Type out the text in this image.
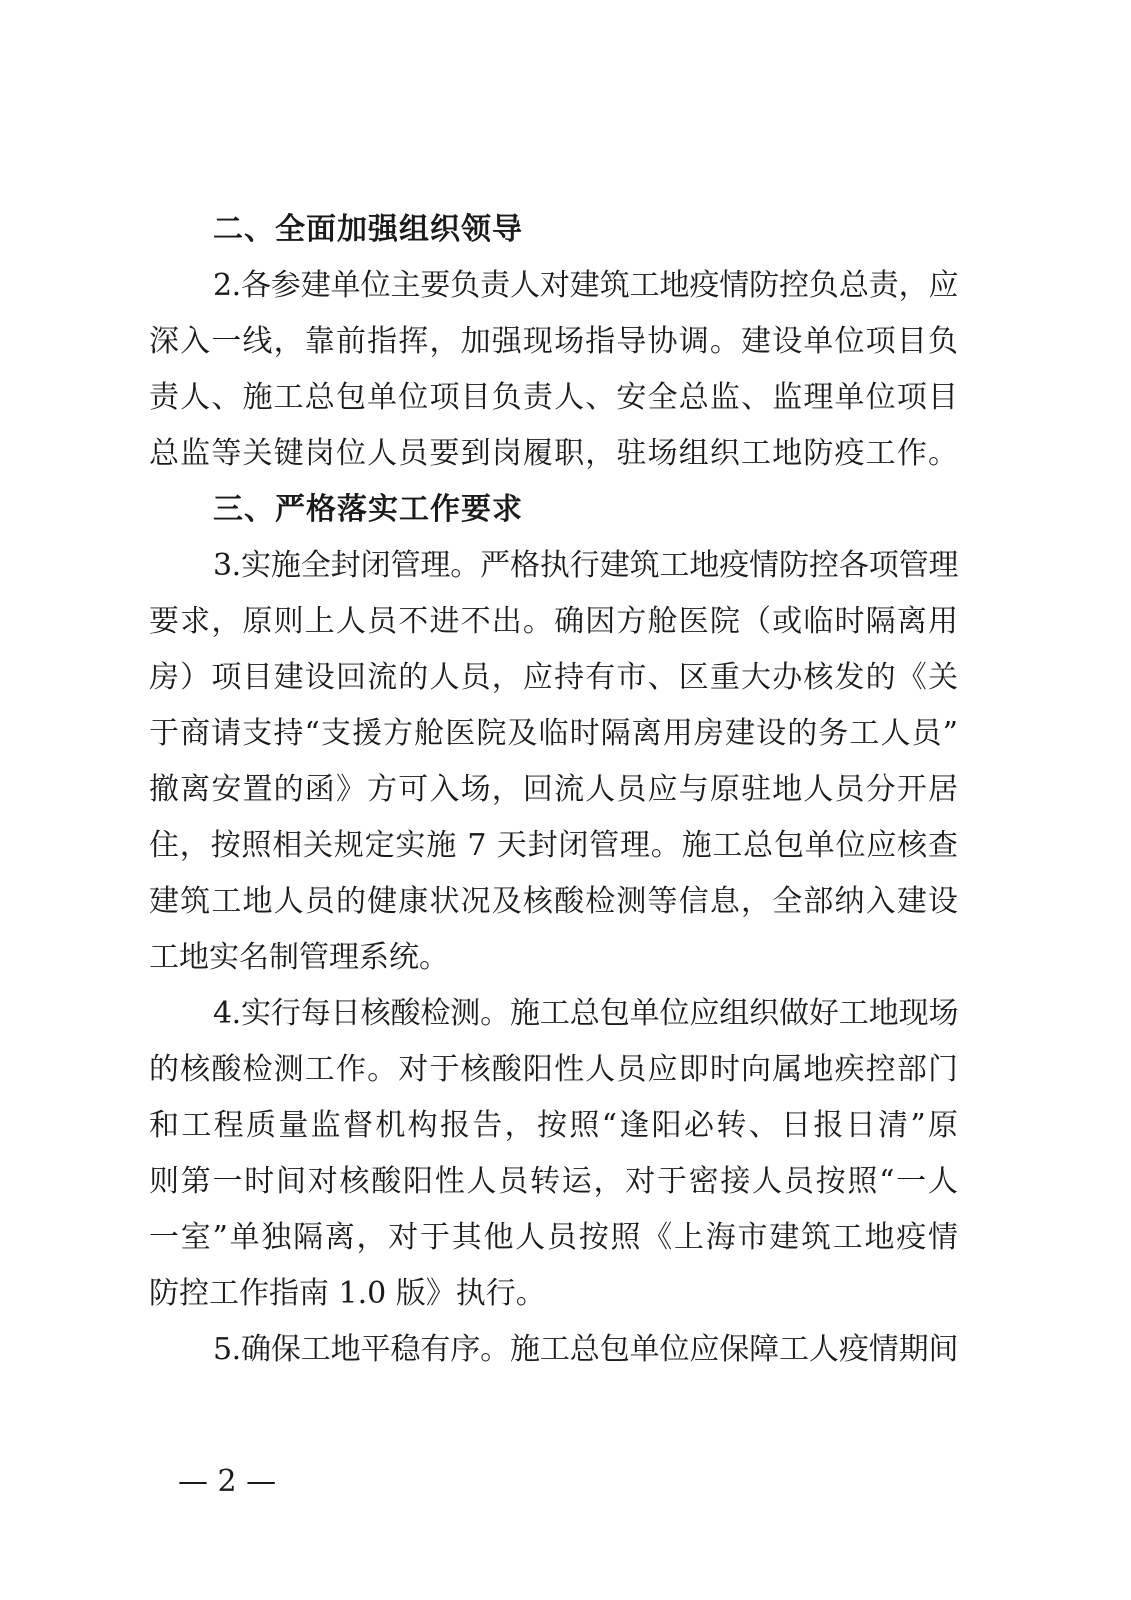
二、全面加强组织领导
2.各参建单位主要负责人对建筑工地疫情防控负总责，应
深入一线，靠前指挥，加强现场指导协调。建设单位项目负
责人、施工总包单位项目负责人、安全总监、监理单位项目
总监等关键岗位人员要到岗履职，驻场组织工地防疫工作。
三、严格落实工作要求
3.实施全封闭管理。严格执行建筑工地疫情防控各项管理
要求，原则上人员不进不出。确因方舱医院（或临时隔离用
房）项目建设回流的人员，应持有市、区重大办核发的《关
于商请支持“支援方舱医院及临时隔离用房建设的务工人员”
撤离安置的函》方可入场，回流人员应与原驻地人员分开居
住，按照相关规定实施 7 天封闭管理。施工总包单位应核查
建筑工地人员的健康状况及核酸检测等信息，全部纳入建设
工地实名制管理系统。
4.实行每日核酸检测。施工总包单位应组织做好工地现场
的核酸检测工作。对于核酸阳性人员应即时向属地疾控部门
和工程质量监督机构报告，按照“逢阳必转、日报日清”原
则第一时间对核酸阳性人员转运，对于密接人员按照“一人
一室”单独隔离，对于其他人员按照《上海市建筑工地疫情
防控工作指南 1.0 版》执行。
5.确保工地平稳有序。施工总包单位应保障工人疫情期间
— 2 —
